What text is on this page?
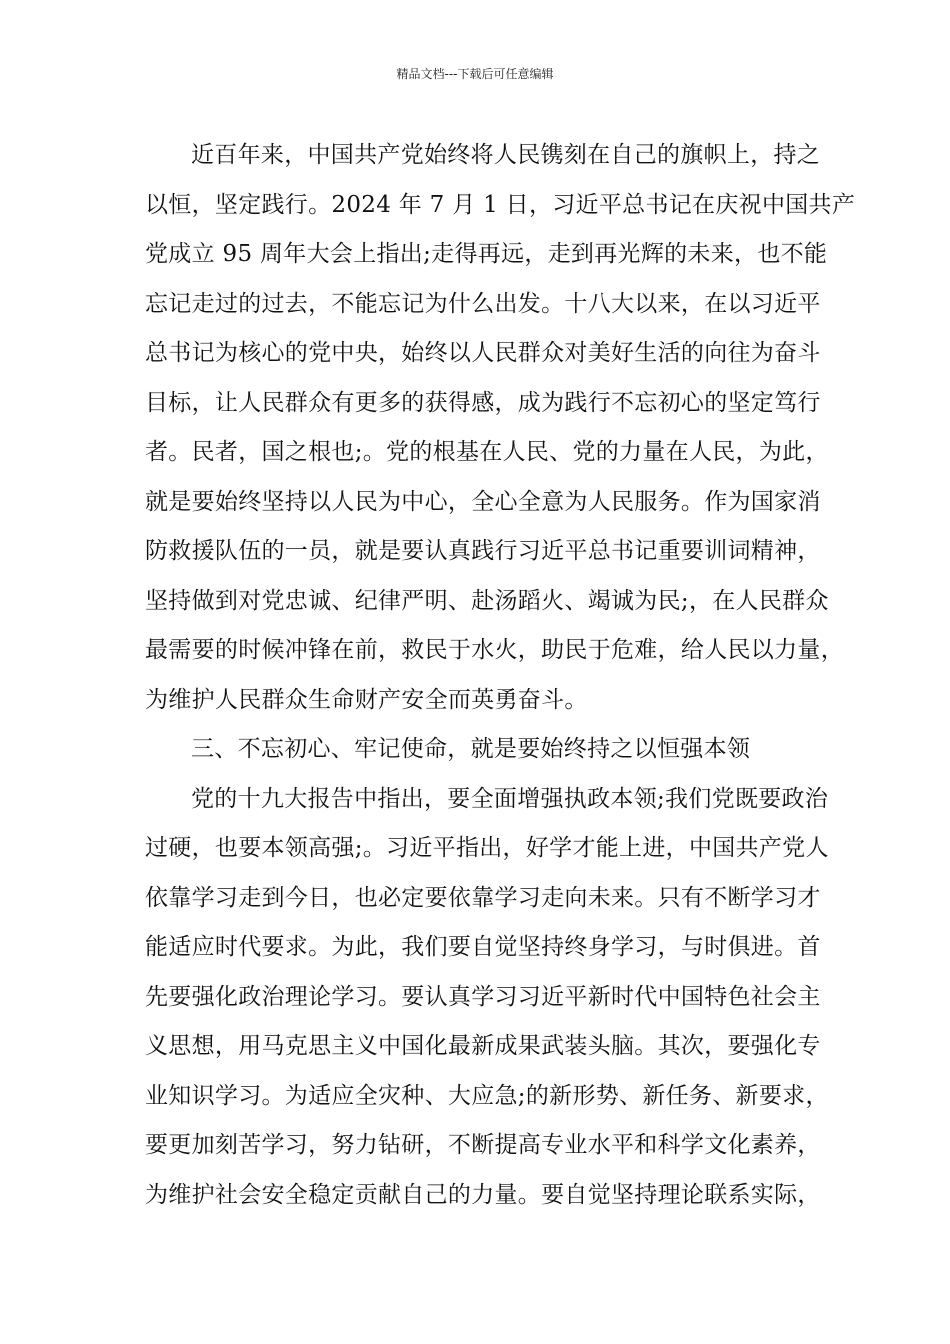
精品文档---下载后可任意编辑
近百年来，中国共产党始终将人民镌刻在自己的旗帜上，持之
以恒，坚定践行。2024 年 7 月 1 日，习近平总书记在庆祝中国共产
党成立 95 周年大会上指出;走得再远，走到再光辉的未来，也不能
忘记走过的过去，不能忘记为什么出发。十八大以来，在以习近平
总书记为核心的党中央，始终以人民群众对美好生活的向往为奋斗
目标，让人民群众有更多的获得感，成为践行不忘初心的坚定笃行
者。民者，国之根也;。党的根基在人民、党的力量在人民，为此，
就是要始终坚持以人民为中心，全心全意为人民服务。作为国家消
防救援队伍的一员，就是要认真践行习近平总书记重要训词精神，
坚持做到对党忠诚、纪律严明、赴汤蹈火、竭诚为民;，在人民群众
最需要的时候冲锋在前，救民于水火，助民于危难，给人民以力量，
为维护人民群众生命财产安全而英勇奋斗。
三、不忘初心、牢记使命，就是要始终持之以恒强本领
党的十九大报告中指出，要全面增强执政本领;我们党既要政治
过硬，也要本领高强;。习近平指出，好学才能上进，中国共产党人
依靠学习走到今日，也必定要依靠学习走向未来。只有不断学习才
能适应时代要求。为此，我们要自觉坚持终身学习，与时俱进。首
先要强化政治理论学习。要认真学习习近平新时代中国特色社会主
义思想，用马克思主义中国化最新成果武装头脑。其次，要强化专
业知识学习。为适应全灾种、大应急;的新形势、新任务、新要求，
要更加刻苦学习，努力钻研，不断提高专业水平和科学文化素养，
为维护社会安全稳定贡献自己的力量。要自觉坚持理论联系实际，
